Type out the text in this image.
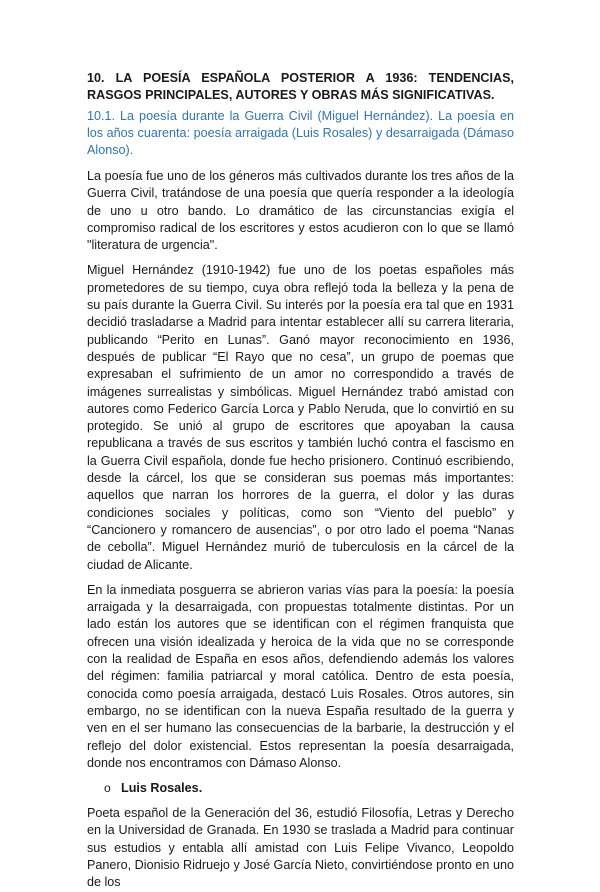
10. LA POESÍA ESPAÑOLA POSTERIOR A 1936: TENDENCIAS, RASGOS PRINCIPALES, AUTORES Y OBRAS MÁS SIGNIFICATIVAS.

10.1. La poesía durante la Guerra Civil (Miguel Hernández). La poesía en los años cuarenta: poesía arraigada (Luis Rosales) y desarraigada (Dámaso Alonso).

La poesía fue uno de los géneros más cultivados durante los tres años de la Guerra Civil, tratándose de una poesía que quería responder a la ideología de uno u otro bando. Lo dramático de las circunstancias exigía el compromiso radical de los escritores y estos acudieron con lo que se llamó "literatura de urgencia".

Miguel Hernández (1910-1942) fue uno de los poetas españoles más prometedores de su tiempo, cuya obra reflejó toda la belleza y la pena de su país durante la Guerra Civil. Su interés por la poesía era tal que en 1931 decidió trasladarse a Madrid para intentar establecer allí su carrera literaria, publicando “Perito en Lunas”. Ganó mayor reconocimiento en 1936, después de publicar “El Rayo que no cesa”, un grupo de poemas que expresaban el sufrimiento de un amor no correspondido a través de imágenes surrealistas y simbólicas. Miguel Hernández trabó amistad con autores como Federico García Lorca y Pablo Neruda, que lo convirtió en su protegido. Se unió al grupo de escritores que apoyaban la causa republicana a través de sus escritos y también luchó contra el fascismo en la Guerra Civil española, donde fue hecho prisionero. Continuó escribiendo, desde la cárcel, los que se consideran sus poemas más importantes: aquellos que narran los horrores de la guerra, el dolor y las duras condiciones sociales y políticas, como son “Viento del pueblo” y “Cancionero y romancero de ausencias”, o por otro lado el poema “Nanas de cebolla”. Miguel Hernández murió de tuberculosis en la cárcel de la ciudad de Alicante.

En la inmediata posguerra se abrieron varias vías para la poesía: la poesía arraigada y la desarraigada, con propuestas totalmente distintas. Por un lado están los autores que se identifican con el régimen franquista que ofrecen una visión idealizada y heroica de la vida que no se corresponde con la realidad de España en esos años, defendiendo además los valores del régimen: familia patriarcal y moral católica. Dentro de esta poesía, conocida como poesía arraigada, destacó Luis Rosales. Otros autores, sin embargo, no se identifican con la nueva España resultado de la guerra y ven en el ser humano las consecuencias de la barbarie, la destrucción y el reflejo del dolor existencial. Estos representan la poesía desarraigada, donde nos encontramos con Dámaso Alonso.

o Luis Rosales.

Poeta español de la Generación del 36, estudió Filosofía, Letras y Derecho en la Universidad de Granada. En 1930 se traslada a Madrid para continuar sus estudios y entabla allí amistad con Luis Felipe Vivanco, Leopoldo Panero, Dionisio Ridruejo y José García Nieto, convirtiéndose pronto en uno de los
